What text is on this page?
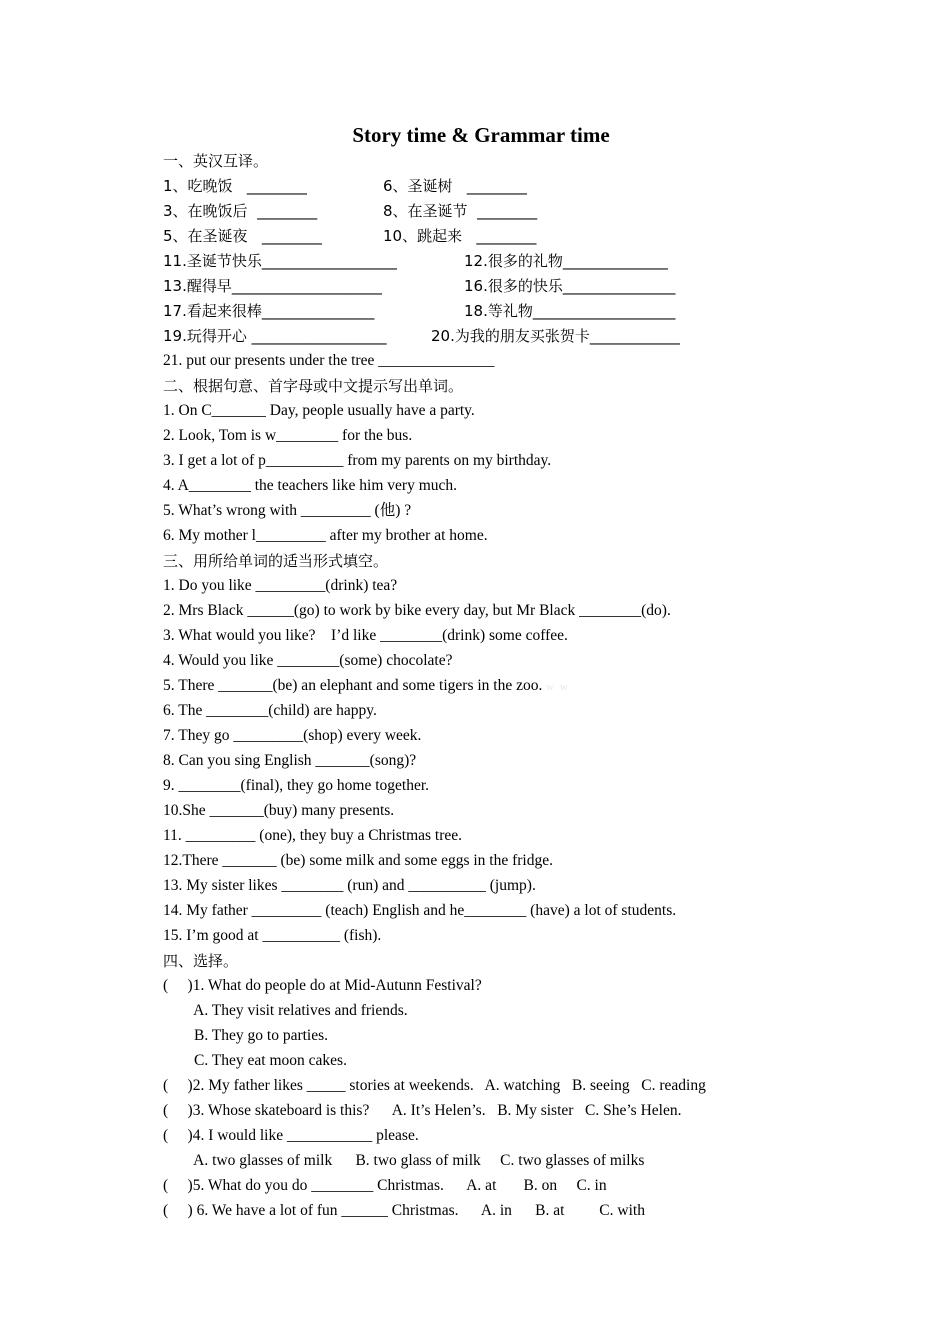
Story time & Grammar time
一、英汉互译。
1、吃晚饭   ________	6、圣诞树   ________
3、在晚饭后  ________	8、在圣诞节  ________
5、在圣诞夜   ________	10、跳起来   ________
11.圣诞节快乐__________________	12.很多的礼物______________
13.醒得早____________________	16.很多的快乐_______________
17.看起来很棒_______________	18.等礼物___________________
19.玩得开心 __________________	20.为我的朋友买张贺卡____________
21. put our presents under the tree _______________
二、根据句意、首字母或中文提示写出单词。
1. On C_______ Day, people usually have a party.
2. Look, Tom is w________ for the bus.
3. I get a lot of p__________ from my parents on my birthday.
4. A________ the teachers like him very much.
5. What’s wrong with _________ (他) ?
6. My mother l_________ after my brother at home.
三、用所给单词的适当形式填空。
1. Do you like _________(drink) tea?
2. Mrs Black ______(go) to work by bike every day, but Mr Black ________(do).
3. What would you like?    I’d like ________(drink) some coffee.
4. Would you like ________(some) chocolate?
5. There _______(be) an elephant and some tigers in the zoo. w  w
6. The ________(child) are happy.
7. They go _________(shop) every week.
8. Can you sing English _______(song)?
9. ________(final), they go home together.
10.She _______(buy) many presents.
11. _________ (one), they buy a Christmas tree.
12.There _______ (be) some milk and some eggs in the fridge.
13. My sister likes ________ (run) and __________ (jump).
14. My father _________ (teach) English and he________ (have) a lot of students.
15. I’m good at __________ (fish).
四、选择。
(     )1. What do people do at Mid-Autunn Festival?
A. They visit relatives and friends.
B. They go to parties.
C. They eat moon cakes.
(     )2. My father likes _____ stories at weekends.   A. watching   B. seeing   C. reading
(     )3. Whose skateboard is this?      A. It’s Helen’s.   B. My sister   C. She’s Helen.
(     )4. I would like ___________ please.
A. two glasses of milk      B. two glass of milk     C. two glasses of milks
(     )5. What do you do ________ Christmas.      A. at       B. on     C. in
(     ) 6. We have a lot of fun ______ Christmas.      A. in      B. at         C. with
